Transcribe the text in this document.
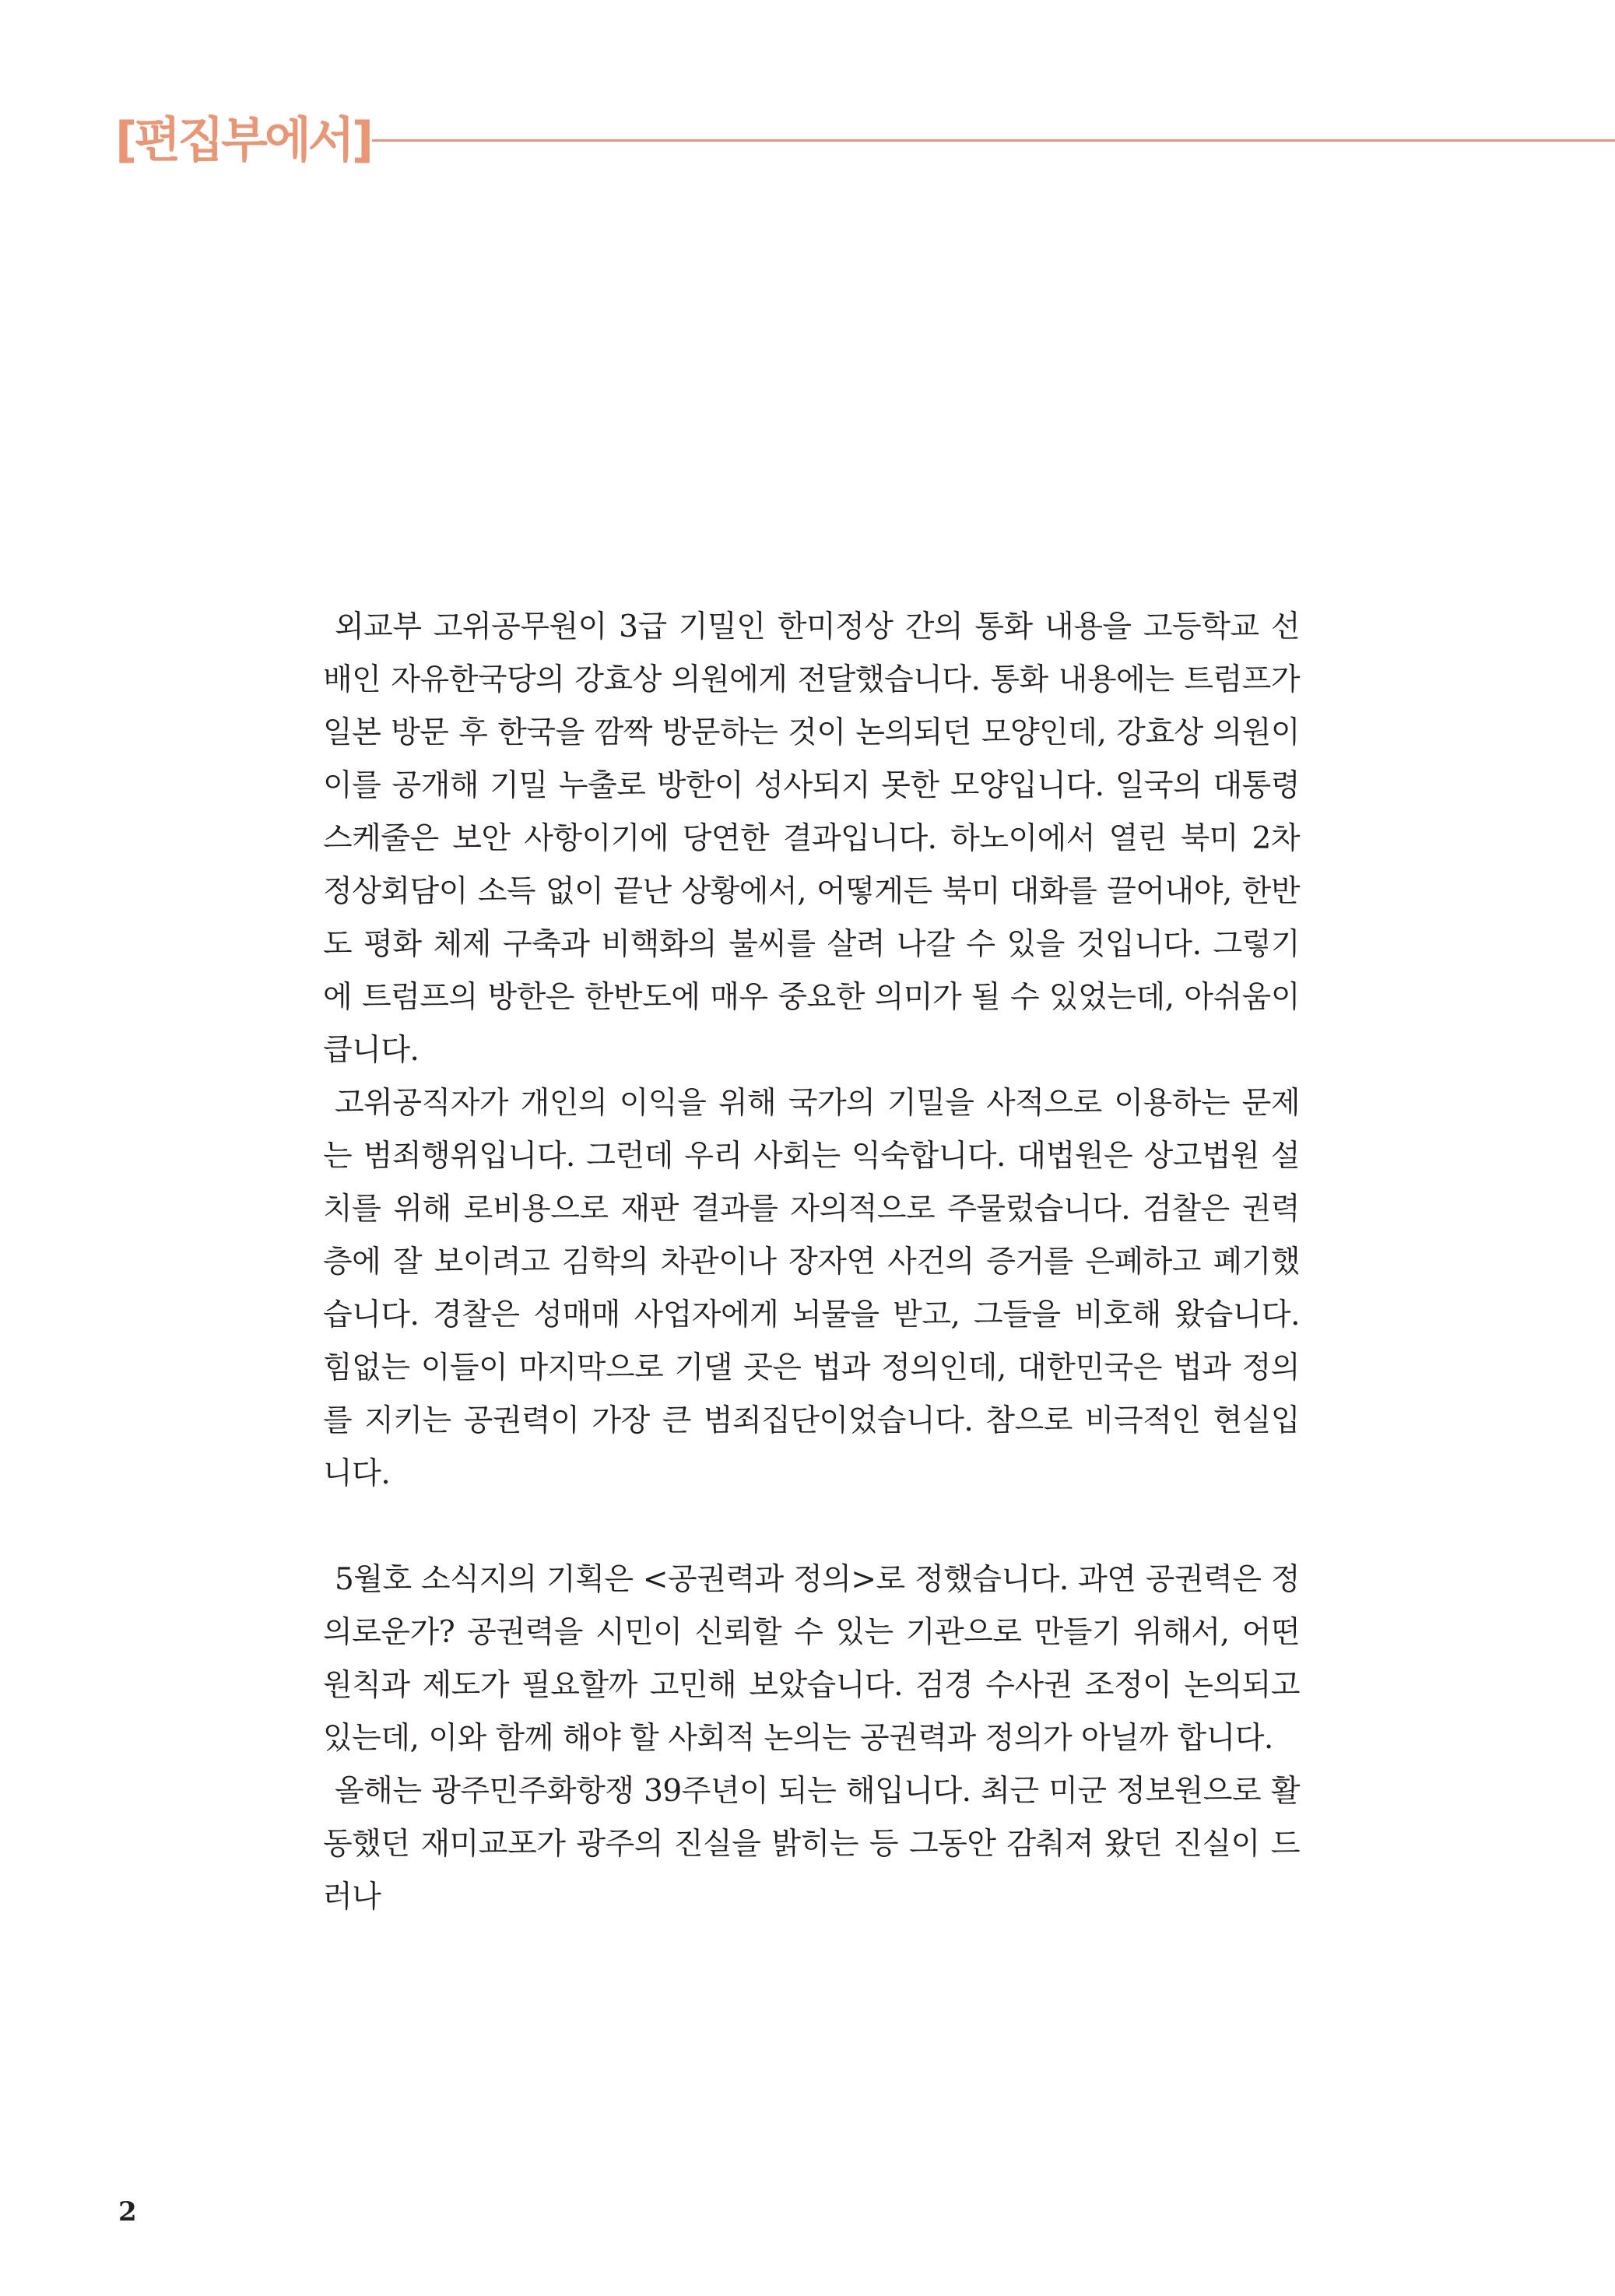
[편집부에서]

외교부 고위공무원이 3급 기밀인 한미정상 간의 통화 내용을 고등학교 선배인 자유한국당의 강효상 의원에게 전달했습니다. 통화 내용에는 트럼프가 일본 방문 후 한국을 깜짝 방문하는 것이 논의되던 모양인데, 강효상 의원이 이를 공개해 기밀 누출로 방한이 성사되지 못한 모양입니다. 일국의 대통령 스케줄은 보안 사항이기에 당연한 결과입니다. 하노이에서 열린 북미 2차 정상회담이 소득 없이 끝난 상황에서, 어떻게든 북미 대화를 끌어내야, 한반도 평화 체제 구축과 비핵화의 불씨를 살려 나갈 수 있을 것입니다. 그렇기에 트럼프의 방한은 한반도에 매우 중요한 의미가 될 수 있었는데, 아쉬움이 큽니다.

고위공직자가 개인의 이익을 위해 국가의 기밀을 사적으로 이용하는 문제는 범죄행위입니다. 그런데 우리 사회는 익숙합니다. 대법원은 상고법원 설치를 위해 로비용으로 재판 결과를 자의적으로 주물렀습니다. 검찰은 권력층에 잘 보이려고 김학의 차관이나 장자연 사건의 증거를 은폐하고 폐기했습니다. 경찰은 성매매 사업자에게 뇌물을 받고, 그들을 비호해 왔습니다. 힘없는 이들이 마지막으로 기댈 곳은 법과 정의인데, 대한민국은 법과 정의를 지키는 공권력이 가장 큰 범죄집단이었습니다. 참으로 비극적인 현실입니다.

5월호 소식지의 기획은 <공권력과 정의>로 정했습니다. 과연 공권력은 정의로운가? 공권력을 시민이 신뢰할 수 있는 기관으로 만들기 위해서, 어떤 원칙과 제도가 필요할까 고민해 보았습니다. 검경 수사권 조정이 논의되고 있는데, 이와 함께 해야 할 사회적 논의는 공권력과 정의가 아닐까 합니다.

올해는 광주민주화항쟁 39주년이 되는 해입니다. 최근 미군 정보원으로 활동했던 재미교포가 광주의 진실을 밝히는 등 그동안 감춰져 왔던 진실이 드러나

2
